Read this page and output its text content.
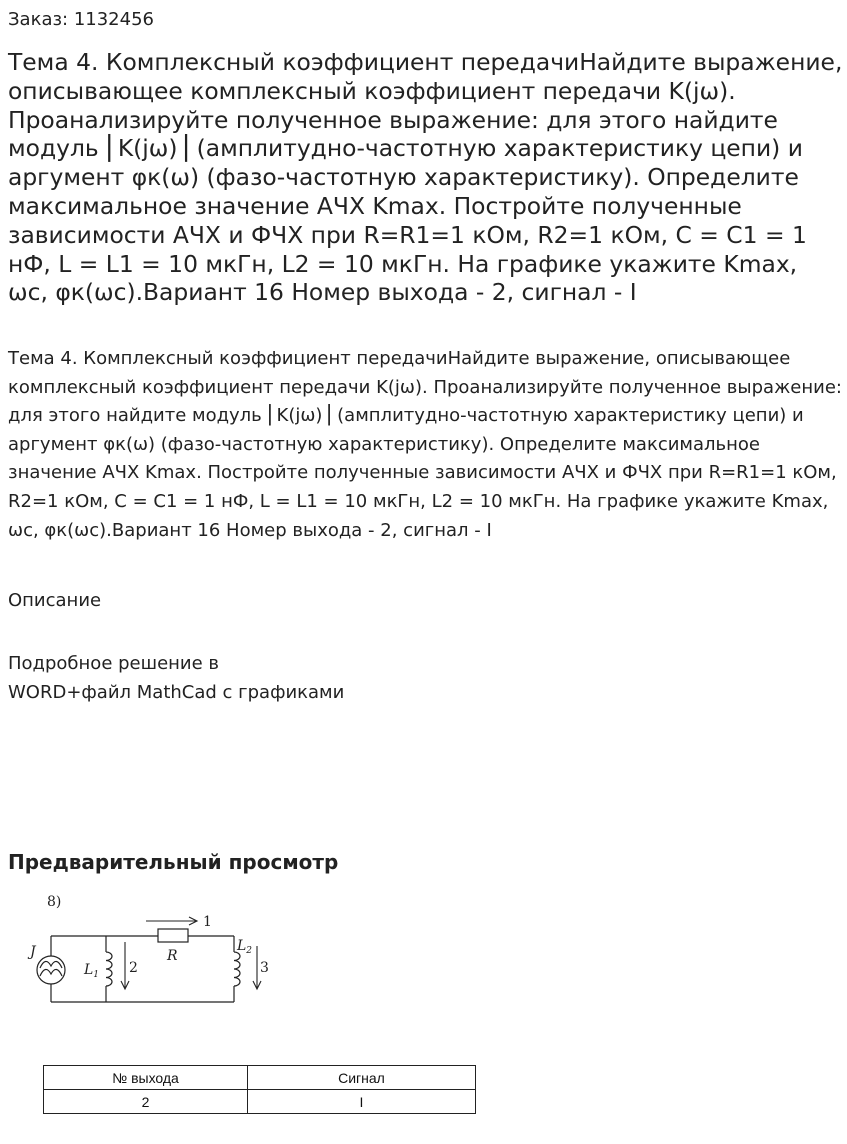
Заказ: 1132456
Тема 4. Комплексный коэффициент передачиНайдите выражение, описывающее комплексный коэффициент передачи K(jω). Проанализируйте полученное выражение: для этого найдите модуль ⎜K(jω)⎟ (амплитудно-частотную характеристику цепи) и аргумент φк(ω) (фазо-частотную характеристику). Определите максимальное значение АЧХ Kmax. Постройте полученные зависимости АЧХ и ФЧХ при R=R1=1 кОм, R2=1 кОм, C = C1 = 1 нФ, L = L1 = 10 мкГн, L2 = 10 мкГн. На графике укажите Kmax, ωс, φк(ωс).Вариант 16 Номер выхода - 2, сигнал - I

Тема 4. Комплексный коэффициент передачиНайдите выражение, описывающее комплексный коэффициент передачи K(jω). Проанализируйте полученное выражение: для этого найдите модуль ⎜K(jω)⎟ (амплитудно-частотную характеристику цепи) и аргумент φк(ω) (фазо-частотную характеристику). Определите максимальное значение АЧХ Kmax. Постройте полученные зависимости АЧХ и ФЧХ при R=R1=1 кОм, R2=1 кОм, C = C1 = 1 нФ, L = L1 = 10 мкГн, L2 = 10 мкГн. На графике укажите Kmax, ωс, φк(ωс).Вариант 16 Номер выхода - 2, сигнал - I

Описание
Подробное решение в
WORD+файл MathCad с графиками
Предварительный просмотр
8)
J	R
1
$L_1$ 2
$L_2$
3
№ выхода	Сигнал
2	I
